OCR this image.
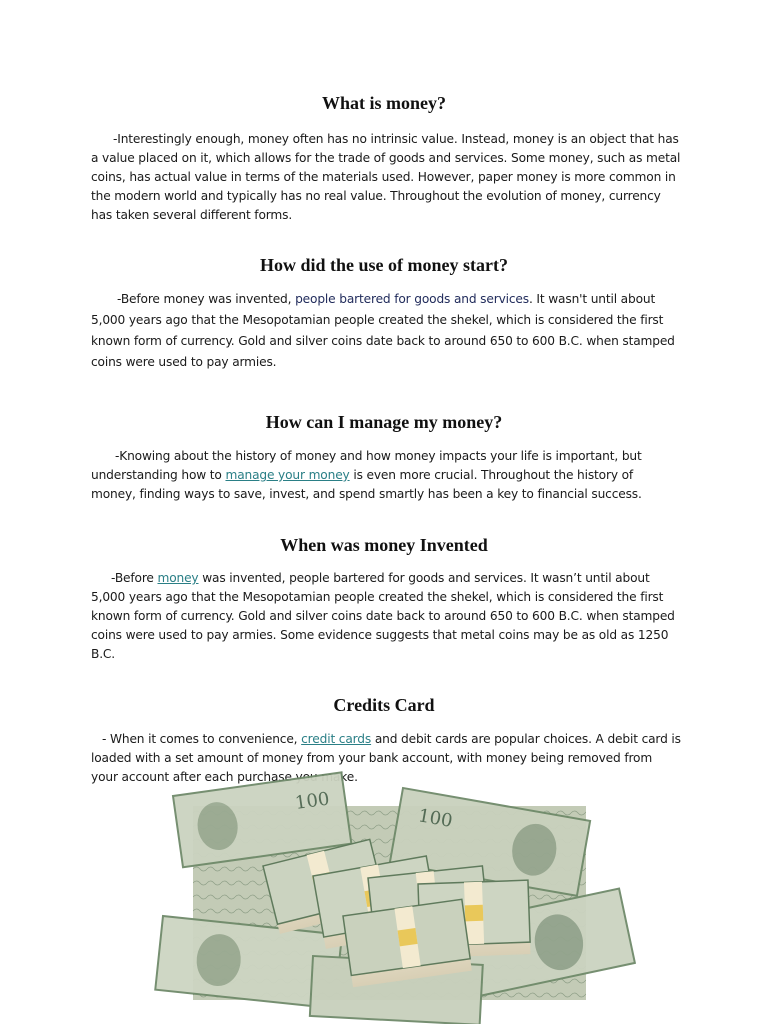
What is money?

-Interestingly enough, money often has no intrinsic value. Instead, money is an object that has a value placed on it, which allows for the trade of goods and services. Some money, such as metal coins, has actual value in terms of the materials used. However, paper money is more common in the modern world and typically has no real value. Throughout the evolution of money, currency has taken several different forms.

How did the use of money start?

-Before money was invented, people bartered for goods and services. It wasn't until about 5,000 years ago that the Mesopotamian people created the shekel, which is considered the first known form of currency. Gold and silver coins date back to around 650 to 600 B.C. when stamped coins were used to pay armies.

How can I manage my money?

-Knowing about the history of money and how money impacts your life is important, but understanding how to manage your money is even more crucial. Throughout the history of money, finding ways to save, invest, and spend smartly has been a key to financial success.

When was money Invented

-Before money was invented, people bartered for goods and services. It wasn’t until about 5,000 years ago that the Mesopotamian people created the shekel, which is considered the first known form of currency. Gold and silver coins date back to around 650 to 600 B.C. when stamped coins were used to pay armies. Some evidence suggests that metal coins may be as old as 1250 B.C.

Credits Card

- When it comes to convenience, credit cards and debit cards are popular choices. A debit card is loaded with a set amount of money from your bank account, with money being removed from your account after each purchase you make.

100
100
